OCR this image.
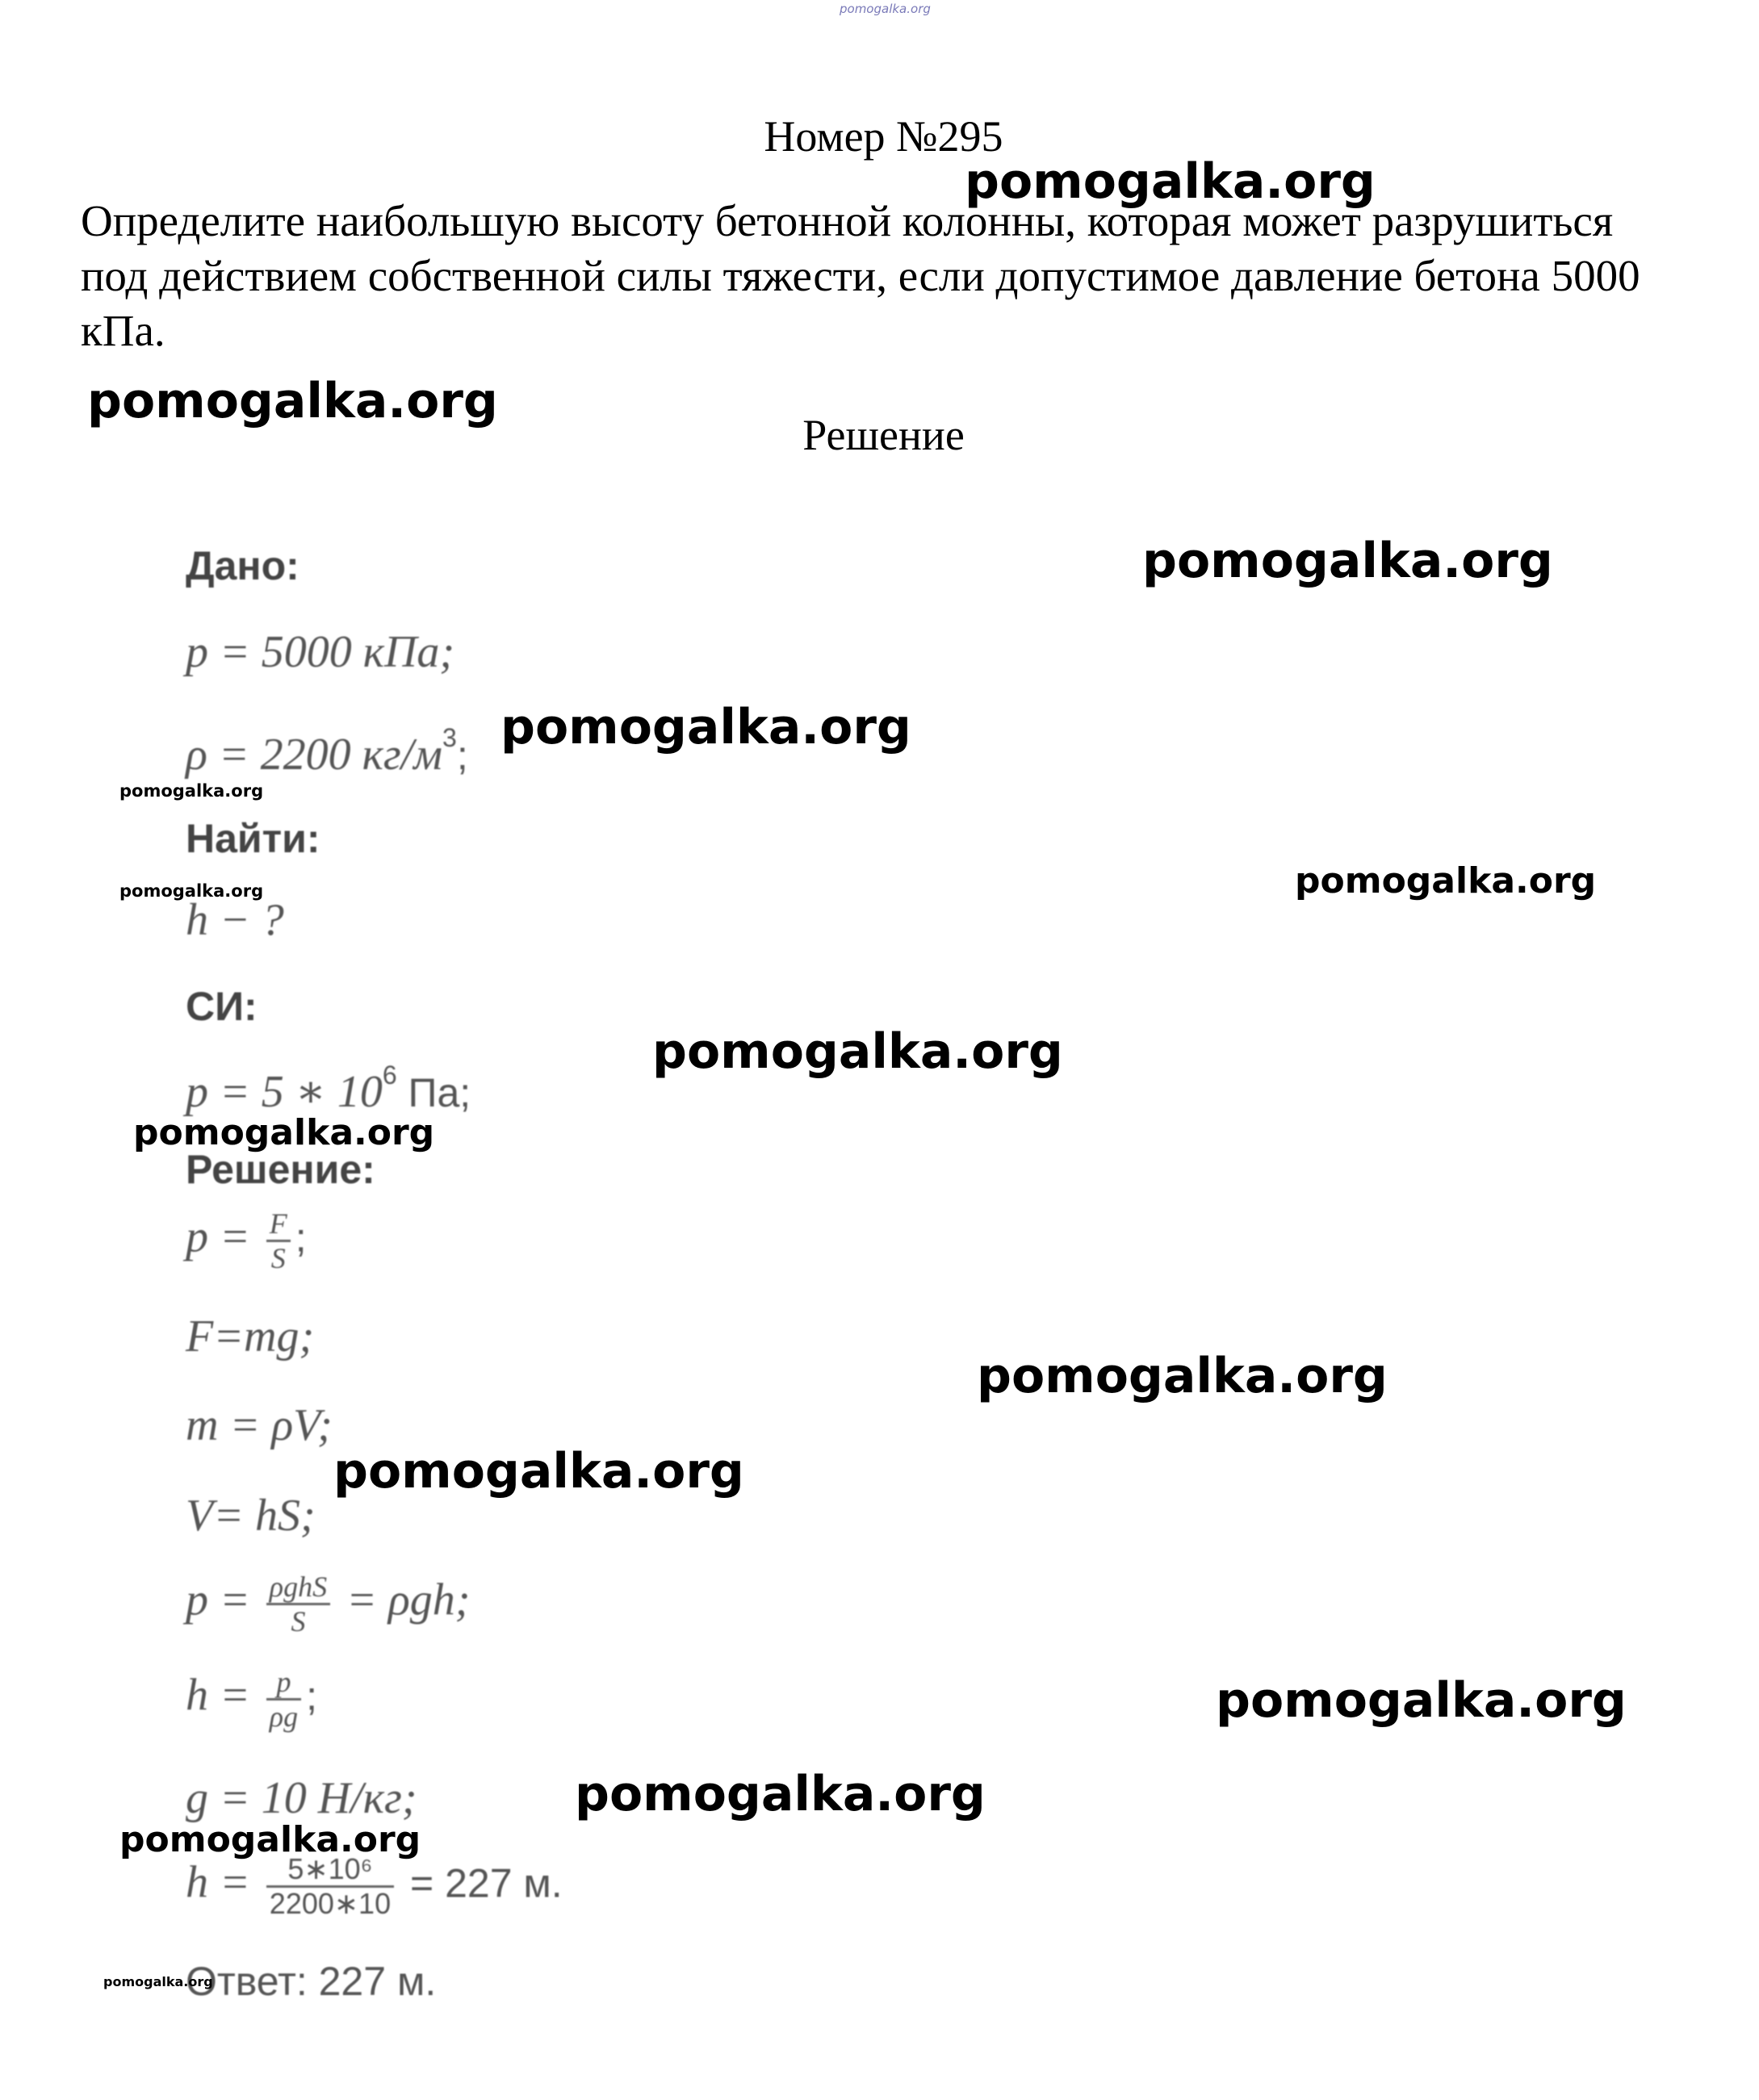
pomogalka.org
Номер №295
Определите наибольшую высоту бетонной колонны, которая может разрушиться под действием собственной силы тяжести, если допустимое давление бетона 5000 кПа.
Решение
Дано:
p = 5000 кПа;
ρ = 2200 $кг/м^3$;
Найти:
h − ?
СИ:
p = 5 ∗ $10^6$ Па;
Решение:
$p = \frac{F}{S}$ ;
F=mg;
m = ρV;
V= hS;
$p = \frac{\text{ρghS}}{S} = \rho gh$;
$h = \frac{p}{\rho g}$ ;
g = 10 Н/кг;
$h = \frac{\text{5∗10⁶}}{2200∗10} = 227$ м.
Ответ: 227 м.
pomogalka.org
pomogalka.org
pomogalka.org
pomogalka.org
pomogalka.org
pomogalka.org	pomogalka.org
pomogalka.org
pomogalka.org
pomogalka.org
pomogalka.org
pomogalka.org
pomogalka.org
pomogalka.org
pomogalka.org
